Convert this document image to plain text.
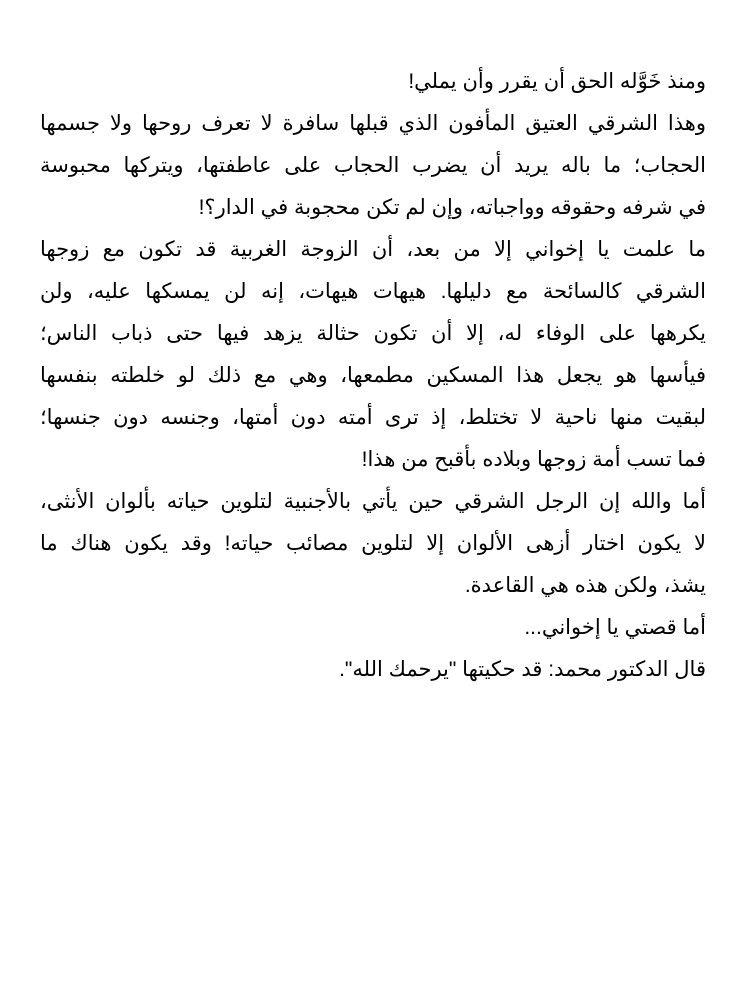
ومنذ خَوَّله الحق أن يقرر وأن يملي!
وهذا الشرقي العتيق المأفون الذي قبلها سافرة لا تعرف روحها ولا جسمها
الحجاب؛ ما باله يريد أن يضرب الحجاب على عاطفتها، ويتركها محبوسة
في شرفه وحقوقه وواجباته، وإن لم تكن محجوبة في الدار؟!
ما علمت يا إخواني إلا من بعد، أن الزوجة الغربية قد تكون مع زوجها
الشرقي كالسائحة مع دليلها. هيهات هيهات، إنه لن يمسكها عليه، ولن
يكرهها على الوفاء له، إلا أن تكون حثالة يزهد فيها حتى ذباب الناس؛
فيأسها هو يجعل هذا المسكين مطمعها، وهي مع ذلك لو خلطته بنفسها
لبقيت منها ناحية لا تختلط، إذ ترى أمته دون أمتها، وجنسه دون جنسها؛
فما تسب أمة زوجها وبلاده بأقبح من هذا!
أما والله إن الرجل الشرقي حين يأتي بالأجنبية لتلوين حياته بألوان الأنثى،
لا يكون اختار أزهى الألوان إلا لتلوين مصائب حياته! وقد يكون هناك ما
يشذ، ولكن هذه هي القاعدة.
أما قصتي يا إخواني...
قال الدكتور محمد: قد حكيتها "يرحمك الله".
